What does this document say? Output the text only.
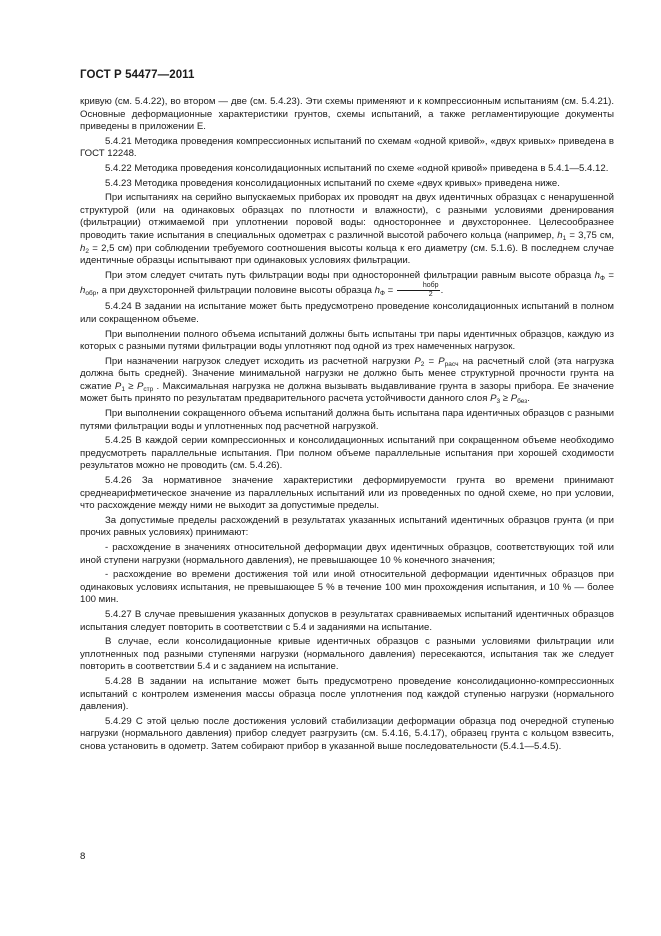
ГОСТ Р 54477—2011

кривую (см. 5.4.22), во втором — две (см. 5.4.23). Эти схемы применяют и к компрессионным испытаниям (см. 5.4.21). Основные деформационные характеристики грунтов, схемы испытаний, а также регламентирующие документы приведены в приложении Е.

5.4.21 Методика проведения компрессионных испытаний по схемам «одной кривой», «двух кривых» приведена в ГОСТ 12248.

5.4.22 Методика проведения консолидационных испытаний по схеме «одной кривой» приведена в 5.4.1—5.4.12.

5.4.23 Методика проведения консолидационных испытаний по схеме «двух кривых» приведена ниже.

При испытаниях на серийно выпускаемых приборах их проводят на двух идентичных образцах с ненарушенной структурой (или на одинаковых образцах по плотности и влажности), с разными условиями дренирования (фильтрации) отжимаемой при уплотнении поровой воды: одностороннее и двухстороннее. Целесообразнее проводить такие испытания в специальных одометрах с различной высотой рабочего кольца (например, $h_1 = 3,75$ см, $h_2 = 2,5$ см) при соблюдении требуемого соотношения высоты кольца к его диаметру (см. 5.1.6). В последнем случае идентичные образцы испытывают при одинаковых условиях фильтрации.

При этом следует считать путь фильтрации воды при односторонней фильтрации равным высоте образца $h_Ф = h_{обр}$, а при двухсторонней фильтрации половине высоты образца $h_Ф = \frac{\text{hобр}}{2}$ .

5.4.24 В задании на испытание может быть предусмотрено проведение консолидационных испытаний в полном или сокращенном объеме.

При выполнении полного объема испытаний должны быть испытаны три пары идентичных образцов, каждую из которых с разными путями фильтрации воды уплотняют под одной из трех намеченных нагрузок.

При назначении нагрузок следует исходить из расчетной нагрузки $P_2 = P_{расч}$ на расчетный слой (эта нагрузка должна быть средней). Значение минимальной нагрузки не должно быть менее структурной прочности грунта на сжатие $P_1 \ge P_{стр}$ . Максимальная нагрузка не должна вызывать выдавливание грунта в зазоры прибора. Ее значение может быть принято по результатам предварительного расчета устойчивости данного слоя $P_3 \ge P_{без}$.

При выполнении сокращенного объема испытаний должна быть испытана пара идентичных образцов с разными путями фильтрации воды и уплотненных под расчетной нагрузкой.

5.4.25 В каждой серии компрессионных и консолидационных испытаний при сокращенном объеме необходимо предусмотреть параллельные испытания. При полном объеме параллельные испытания при хорошей сходимости результатов можно не проводить (см. 5.4.26).

5.4.26 За нормативное значение характеристики деформируемости грунта во времени принимают среднеарифметическое значение из параллельных испытаний или из проведенных по одной схеме, но при условии, что расхождение между ними не выходит за допустимые пределы.

За допустимые пределы расхождений в результатах указанных испытаний идентичных образцов грунта (и при прочих равных условиях) принимают:

- расхождение в значениях относительной деформации двух идентичных образцов, соответствующих той или иной ступени нагрузки (нормального давления), не превышающее 10 % конечного значения;

- расхождение во времени достижения той или иной относительной деформации идентичных образцов при одинаковых условиях испытания, не превышающее 5 % в течение 100 мин прохождения испытания, и 10 % — более 100 мин.

5.4.27 В случае превышения указанных допусков в результатах сравниваемых испытаний идентичных образцов испытания следует повторить в соответствии с 5.4 и заданиями на испытание.

В случае, если консолидационные кривые идентичных образцов с разными условиями фильтрации или уплотненных под разными ступенями нагрузки (нормального давления) пересекаются, испытания так же следует повторить в соответствии 5.4 и с заданием на испытание.

5.4.28 В задании на испытание может быть предусмотрено проведение консолидационно-компрессионных испытаний с контролем изменения массы образца после уплотнения под каждой ступенью нагрузки (нормального давления).

5.4.29 С этой целью после достижения условий стабилизации деформации образца под очередной ступенью нагрузки (нормального давления) прибор следует разгрузить (см. 5.4.16, 5.4.17), образец грунта с кольцом взвесить, снова установить в одометр. Затем собирают прибор в указанной выше последовательности (5.4.1—5.4.5).

8
